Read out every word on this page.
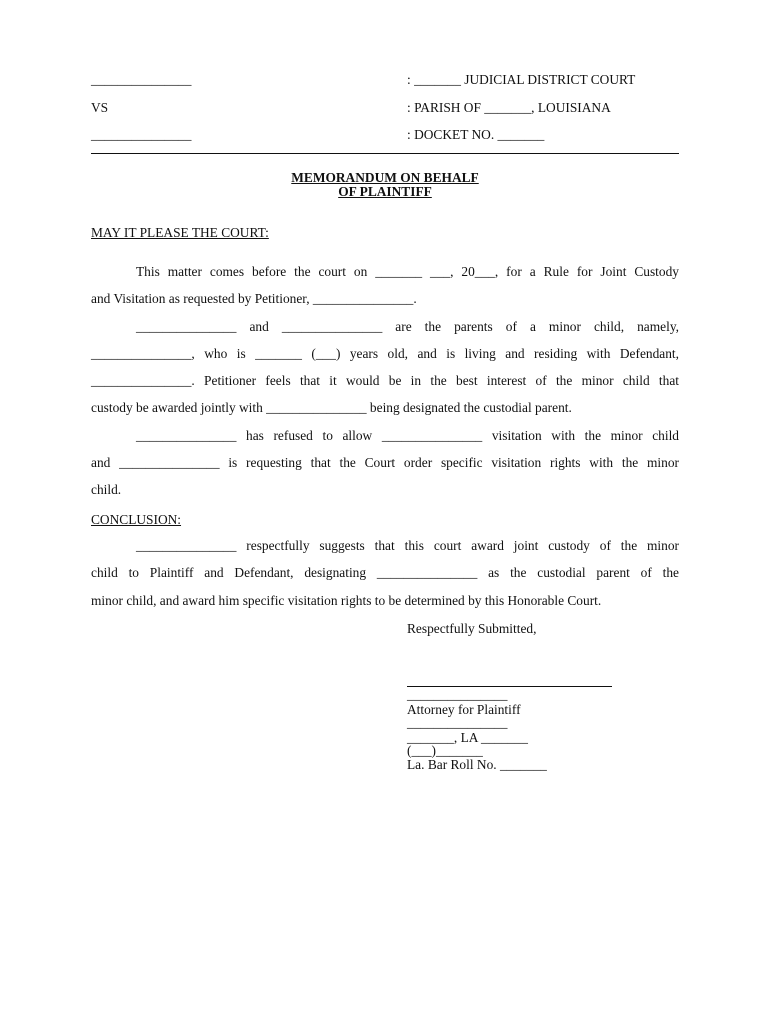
_______________	: _______ JUDICIAL DISTRICT COURT
VS	: PARISH OF _______, LOUISIANA
_______________	: DOCKET NO. _______
MEMORANDUM ON BEHALF
OF PLAINTIFF
MAY IT PLEASE THE COURT:
This matter comes before the court on _______ ___, 20___, for a Rule for Joint Custody
and Visitation as requested by Petitioner, _______________.
_______________ and _______________ are the parents of a minor child, namely,
_______________, who is _______ (___) years old, and is living and residing with Defendant,
_______________. Petitioner feels that it would be in the best interest of the minor child that
custody be awarded jointly with _______________ being designated the custodial parent.
_______________ has refused to allow _______________ visitation with the minor child
and _______________ is requesting that the Court order specific visitation rights with the minor
child.
CONCLUSION:
_______________ respectfully suggests that this court award joint custody of the minor
child to Plaintiff and Defendant, designating _______________ as the custodial parent of the
minor child, and award him specific visitation rights to be determined by this Honorable Court.
Respectfully Submitted,
_______________
Attorney for Plaintiff
_______________
_______, LA _______
(___)_______
La. Bar Roll No. _______
